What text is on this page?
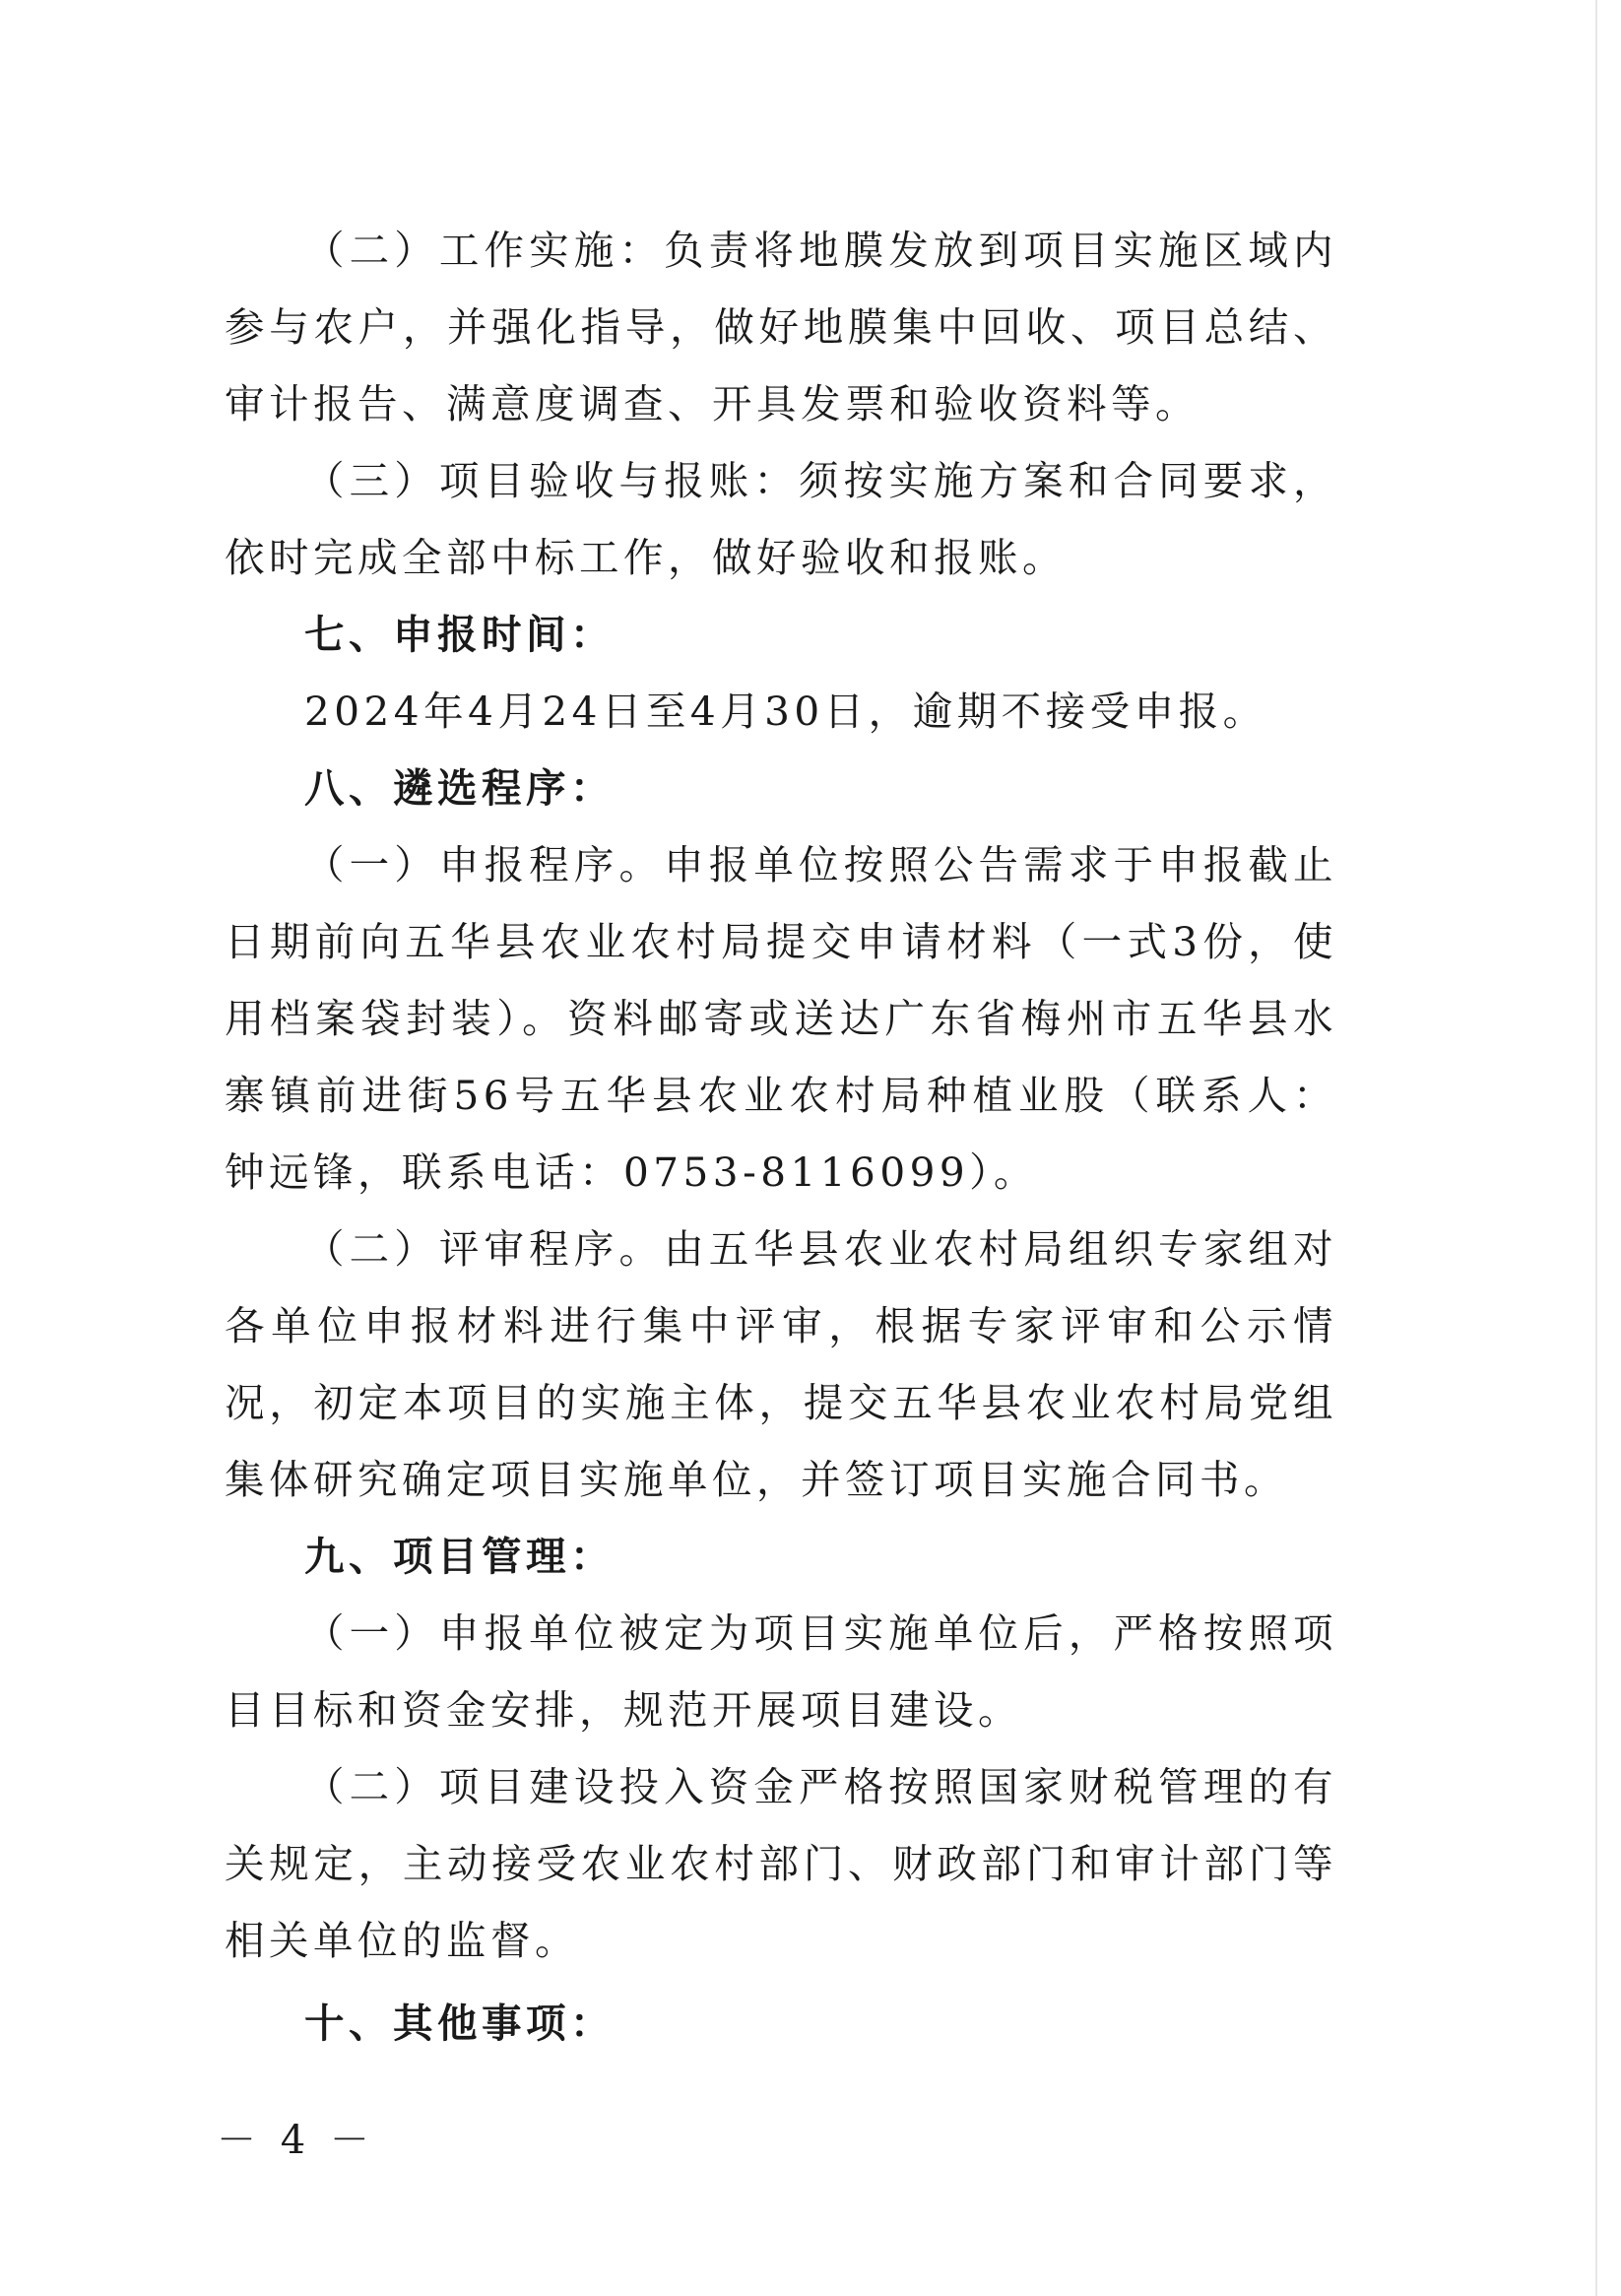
（二）工作实施：负责将地膜发放到项目实施区域内参与农户，并强化指导，做好地膜集中回收、项目总结、审计报告、满意度调查、开具发票和验收资料等。

（三）项目验收与报账：须按实施方案和合同要求，依时完成全部中标工作，做好验收和报账。

七、申报时间：

2024年4月24日至4月30日，逾期不接受申报。

八、遴选程序：

（一）申报程序。申报单位按照公告需求于申报截止日期前向五华县农业农村局提交申请材料（一式3份，使用档案袋封装）。资料邮寄或送达广东省梅州市五华县水寨镇前进街56号五华县农业农村局种植业股（联系人：钟远锋，联系电话：0753-8116099）。

（二）评审程序。由五华县农业农村局组织专家组对各单位申报材料进行集中评审，根据专家评审和公示情况，初定本项目的实施主体，提交五华县农业农村局党组集体研究确定项目实施单位，并签订项目实施合同书。

九、项目管理：

（一）申报单位被定为项目实施单位后，严格按照项目目标和资金安排，规范开展项目建设。

（二）项目建设投入资金严格按照国家财税管理的有关规定，主动接受农业农村部门、财政部门和审计部门等相关单位的监督。

十、其他事项：

－ 4 －
